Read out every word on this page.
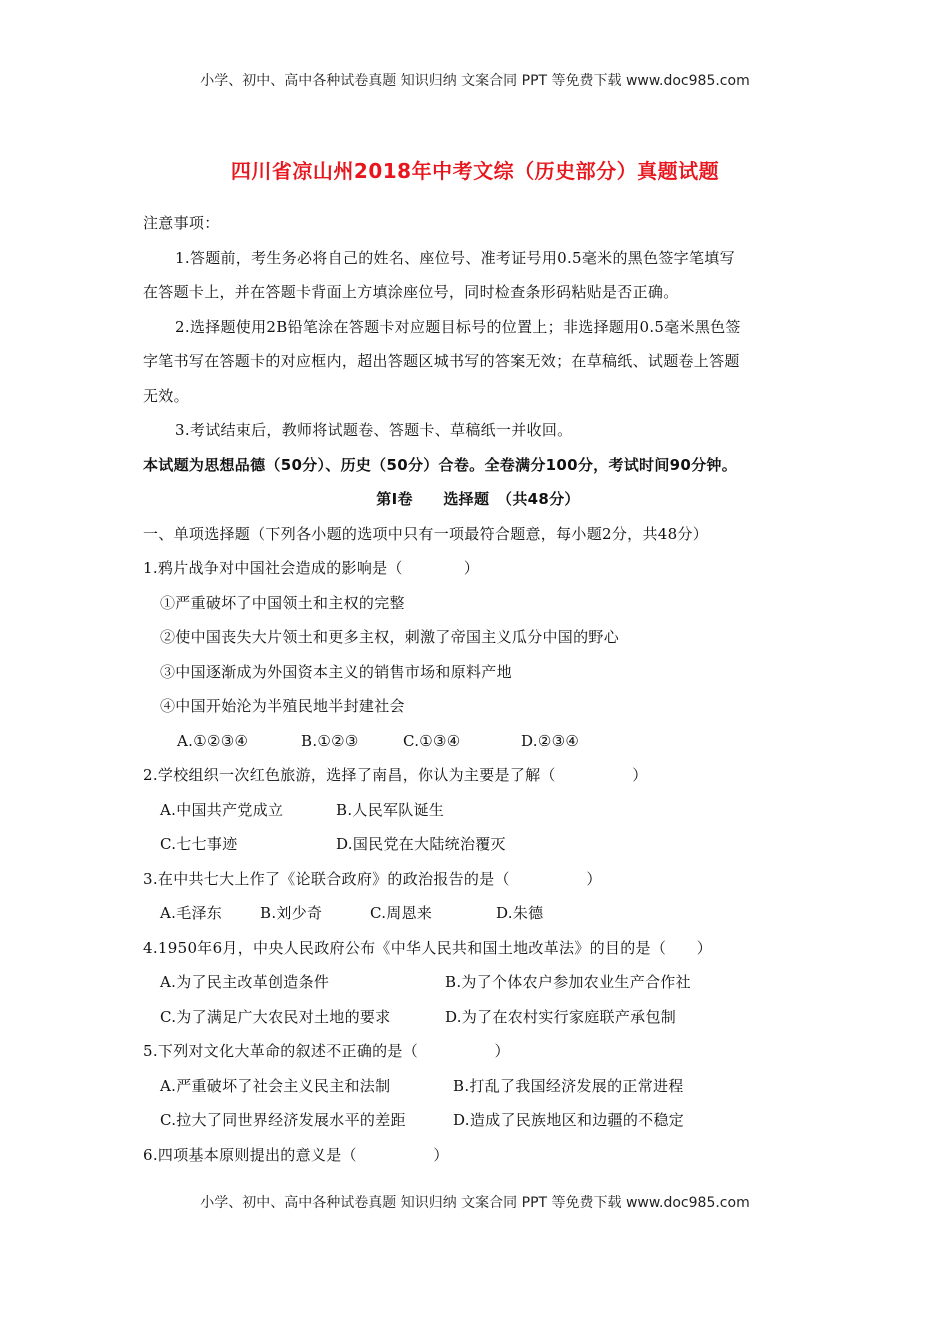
小学、初中、高中各种试卷真题 知识归纳 文案合同 PPT 等免费下载 www.doc985.com
四川省凉山州2018年中考文综（历史部分）真题试题
注意事项：
1.答题前，考生务必将自己的姓名、座位号、准考证号用0.5毫米的黑色签字笔填写
在答题卡上，并在答题卡背面上方填涂座位号，同时检查条形码粘贴是否正确。
2.选择题使用2B铅笔涂在答题卡对应题目标号的位置上；非选择题用0.5毫米黑色签
字笔书写在答题卡的对应框内，超出答题区城书写的答案无效；在草稿纸、试题卷上答题
无效。
3.考试结束后，教师将试题卷、答题卡、草稿纸一并收回。
本试题为思想品德（50分）、历史（50分）合卷。全卷满分100分，考试时间90分钟。
第Ⅰ卷　　选择题　（共48分）
一、单项选择题（下列各小题的选项中只有一项最符合题意，每小题2分，共48分）
1.鸦片战争对中国社会造成的影响是（　　　　）
①严重破坏了中国领土和主权的完整
②使中国丧失大片领土和更多主权，刺激了帝国主义瓜分中国的野心
③中国逐渐成为外国资本主义的销售市场和原料产地
④中国开始沦为半殖民地半封建社会
A.①②③④	B.①②③	C.①③④	D.②③④
2.学校组织一次红色旅游，选择了南昌，你认为主要是了解（　　　　　）
A.中国共产党成立	B.人民军队诞生
C.七七事迹	D.国民党在大陆统治覆灭
3.在中共七大上作了《论联合政府》的政治报告的是（　　　　　）
A.毛泽东	B.刘少奇	C.周恩来	D.朱德
4.1950年6月，中央人民政府公布《中华人民共和国土地改革法》的目的是（　　）
A.为了民主改革创造条件	B.为了个体农户参加农业生产合作社
C.为了满足广大农民对土地的要求	D.为了在农村实行家庭联产承包制
5.下列对文化大革命的叙述不正确的是（　　　　　）
A.严重破坏了社会主义民主和法制	B.打乱了我国经济发展的正常进程
C.拉大了同世界经济发展水平的差距	D.造成了民族地区和边疆的不稳定
6.四项基本原则提出的意义是（　　　　　）
小学、初中、高中各种试卷真题 知识归纳 文案合同 PPT 等免费下载 www.doc985.com
